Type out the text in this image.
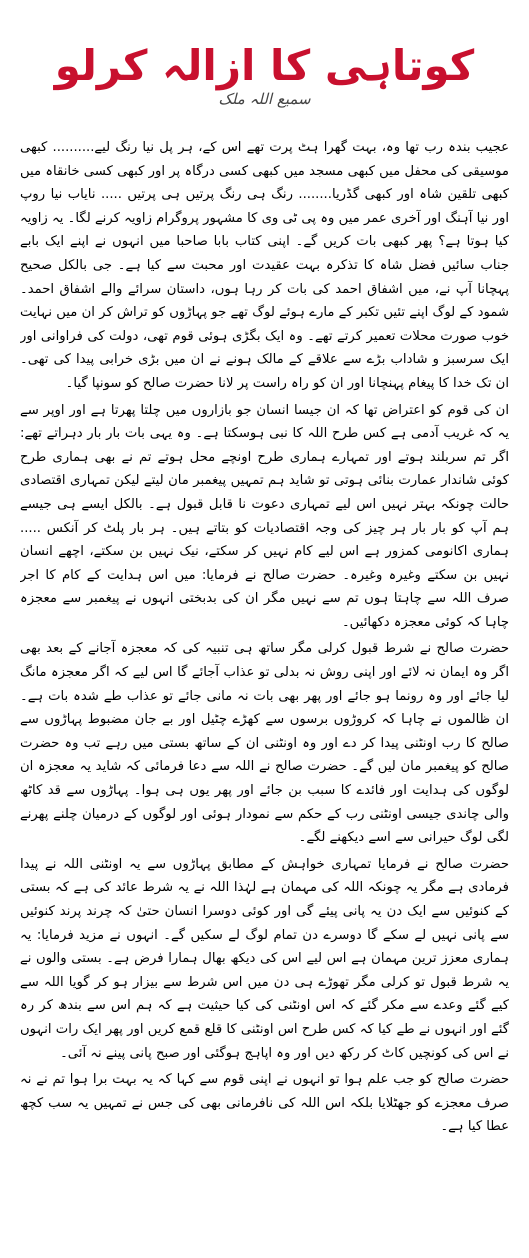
کوتاہی کا ازالہ کرلو
سمیع اللہ ملک

عجیب بندہ رب تھا وہ، بہت گھرا ہٹ پرت تھے اس کے، ہر پل نیا رنگ لیے.......... کبھی موسیقی کی محفل میں کبھی مسجد میں کبھی کسی درگاہ پر اور کبھی کسی خانقاہ میں کبھی تلقین شاہ اور کبھی گڈریا........ رنگ ہی رنگ پرتیں ہی پرتیں ..... نایاب نیا روپ اور نیا آہنگ اور آخری عمر میں وہ پی ٹی وی کا مشہور پروگرام زاویہ کرنے لگا۔ یہ زاویہ کیا ہوتا ہے؟ پھر کبھی بات کریں گے۔ اپنی کتاب بابا صاحبا میں انہوں نے اپنے ایک بابے جناب سائیں فضل شاہ کا تذکرہ بہت عقیدت اور محبت سے کیا ہے۔ جی بالکل صحیح پہچانا آپ نے، میں اشفاق احمد کی بات کر رہا ہوں، داستان سرائے والے اشفاق احمد۔ شمود کے لوگ اپنے تئیں تکبر کے مارے ہوئے لوگ تھے جو پہاڑوں کو تراش کر ان میں نہایت خوب صورت محلات تعمیر کرتے تھے۔ وہ ایک بگڑی ہوئی قوم تھی، دولت کی فراوانی اور ایک سرسبز و شاداب بڑے سے علاقے کے مالک ہونے نے ان میں بڑی خرابی پیدا کی تھی۔ ان تک خدا کا پیغام پہنچانا اور ان کو راہ راست پر لانا حضرت صالح کو سونپا گیا۔

ان کی قوم کو اعتراض تھا کہ ان جیسا انسان جو بازاروں میں چلتا پھرتا ہے اور اوپر سے یہ کہ غریب آدمی ہے کس طرح اللہ کا نبی ہوسکتا ہے۔ وہ یہی بات بار بار دہراتے تھے: اگر تم سربلند ہوتے اور تمہارے ہماری طرح اونچے محل ہوتے تم نے بھی ہماری طرح کوئی شاندار عمارت بنائی ہوتی تو شاید ہم تمہیں پیغمبر مان لیتے لیکن تمہاری اقتصادی حالت چونکہ بہتر نہیں اس لیے تمہاری دعوت نا قابل قبول ہے۔ بالکل ایسے ہی جیسے ہم آپ کو بار بار ہر چیز کی وجہ اقتصادیات کو بتاتے ہیں۔ ہر بار پلٹ کر آنکس ..... ہماری اکانومی کمزور ہے اس لیے کام نہیں کر سکتے، نیک نہیں بن سکتے، اچھے انسان نہیں بن سکتے وغیرہ وغیرہ۔ حضرت صالح نے فرمایا: میں اس ہدایت کے کام کا اجر صرف اللہ سے چاہتا ہوں تم سے نہیں مگر ان کی بدبختی انہوں نے پیغمبر سے معجزہ چاہا کہ کوئی معجزہ دکھائیں۔

حضرت صالح نے شرط قبول کرلی مگر ساتھ ہی تنبیہ کی کہ معجزہ آجانے کے بعد بھی اگر وہ ایمان نہ لائے اور اپنی روش نہ بدلی تو عذاب آجائے گا اس لیے کہ اگر معجزہ مانگ لیا جائے اور وہ رونما ہو جائے اور پھر بھی بات نہ مانی جائے تو عذاب طے شدہ بات ہے۔ ان ظالموں نے چاہا کہ کروڑوں برسوں سے کھڑے چٹیل اور بے جان مضبوط پہاڑوں سے صالح کا رب اونٹنی پیدا کر دے اور وہ اونٹنی ان کے ساتھ بستی میں رہے تب وہ حضرت صالح کو پیغمبر مان لیں گے۔ حضرت صالح نے اللہ سے دعا فرمائی کہ شاید یہ معجزہ ان لوگوں کی ہدایت اور فائدے کا سبب بن جائے اور پھر یوں ہی ہوا۔ پہاڑوں سے قد کاٹھ والی چاندی جیسی اونٹنی رب کے حکم سے نمودار ہوئی اور لوگوں کے درمیان چلنے پھرنے لگی لوگ حیرانی سے اسے دیکھنے لگے۔

حضرت صالح نے فرمایا تمہاری خواہش کے مطابق پہاڑوں سے یہ اونٹنی اللہ نے پیدا فرمادی ہے مگر یہ چونکہ اللہ کی مہمان ہے لہٰذا اللہ نے یہ شرط عائد کی ہے کہ بستی کے کنوئیں سے ایک دن یہ پانی پیئے گی اور کوئی دوسرا انسان حتیٰ کہ چرند پرند کنوئیں سے پانی نہیں لے سکے گا دوسرے دن تمام لوگ لے سکیں گے۔ انہوں نے مزید فرمایا: یہ ہماری معزز ترین مہمان ہے اس لیے اس کی دیکھ بھال ہمارا فرض ہے۔ بستی والوں نے یہ شرط قبول تو کرلی مگر تھوڑے ہی دن میں اس شرط سے بیزار ہو کر گویا اللہ سے کیے گئے وعدے سے مکر گئے کہ اس اونٹنی کی کیا حیثیت ہے کہ ہم اس سے بندھ کر رہ گئے اور انہوں نے طے کیا کہ کس طرح اس اونٹنی کا قلع قمع کریں اور پھر ایک رات انہوں نے اس کی کونچیں کاٹ کر رکھ دیں اور وہ اپاہج ہوگئی اور صبح پانی پینے نہ آئی۔

حضرت صالح کو جب علم ہوا تو انہوں نے اپنی قوم سے کہا کہ یہ بہت برا ہوا تم نے نہ صرف معجزے کو جھٹلایا بلکہ اس اللہ کی نافرمانی بھی کی جس نے تمہیں یہ سب کچھ عطا کیا ہے۔
